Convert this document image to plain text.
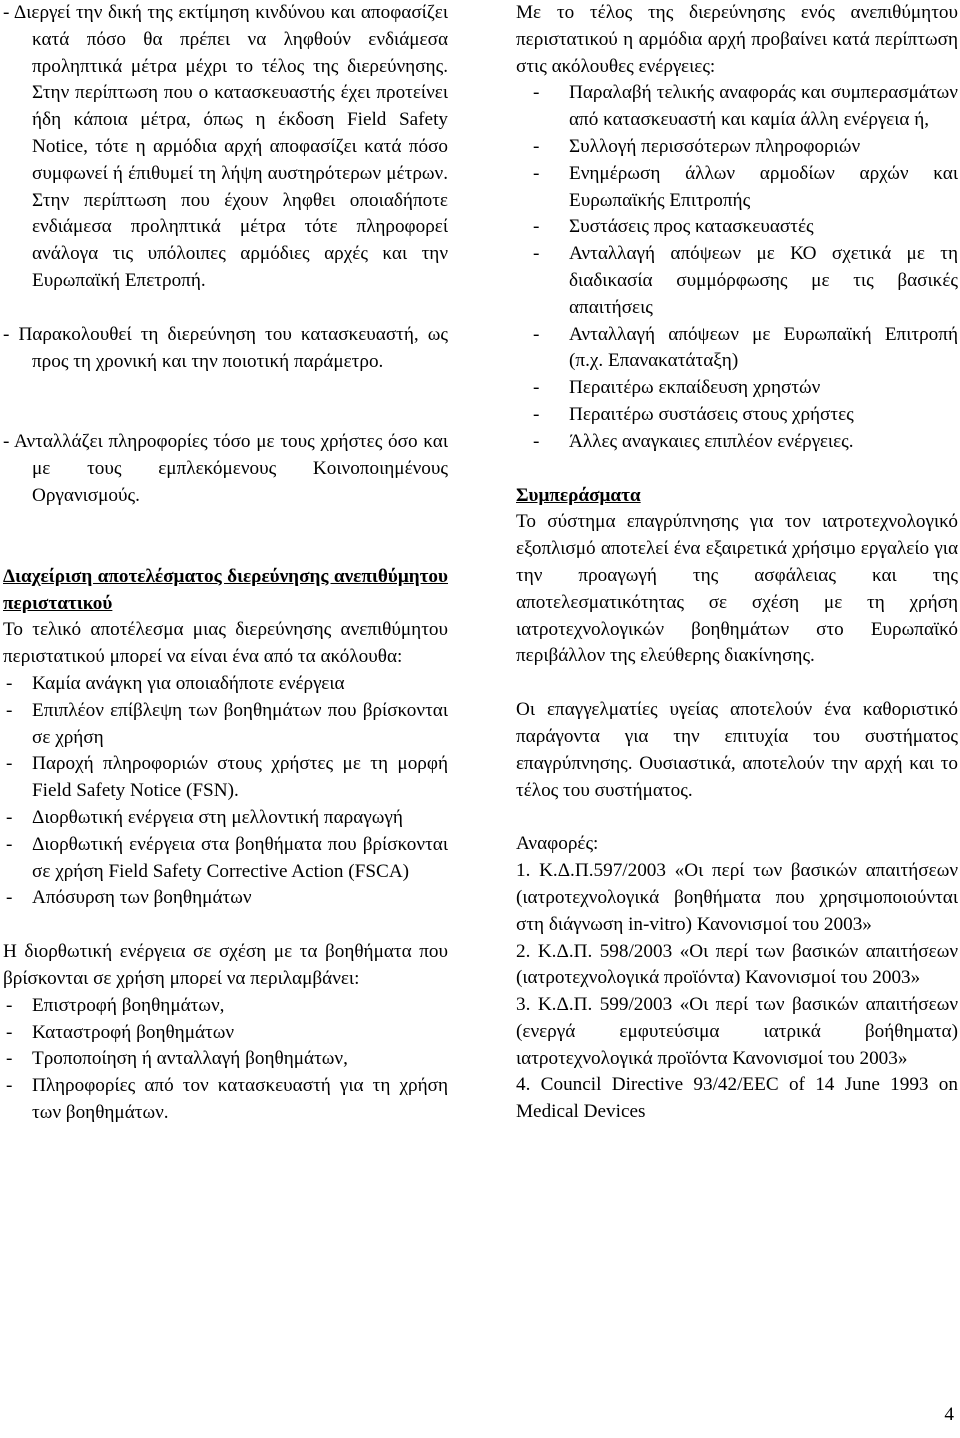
- Διεργεί την δική της εκτίμηση κινδύνου και αποφασίζει κατά πόσο θα πρέπει να ληφθούν ενδιάμεσα προληπτικά μέτρα μέχρι το τέλος της διερεύνησης. Στην περίπτωση που ο κατασκευαστής έχει προτείνει ήδη κάποια μέτρα, όπως η έκδοση Field Safety Notice, τότε η αρμόδια αρχή αποφασίζει κατά πόσο συμφωνεί ή έπιθυμεί τη λήψη αυστηρότερων μέτρων. Στην περίπτωση που έχουν ληφθει οποιαδήποτε ενδιάμεσα προληπτικά μέτρα τότε πληροφορεί ανάλογα τις υπόλοιπες αρμόδιες αρχές και την Ευρωπαϊκή Επετροπή.

- Παρακολουθεί τη διερεύνηση του κατασκευαστή, ως προς τη χρονική και την ποιοτική παράμετρο.

- Ανταλλάζει πληροφορίες τόσο με τους χρήστες όσο και με τους εμπλεκόμενους Κοινοποιημένους Οργανισμούς.

Διαχείριση αποτελέσματος διερεύνησης ανεπιθύμητου περιστατικού

Το τελικό αποτέλεσμα μιας διερεύνησης ανεπιθύμητου περιστατικού μπορεί να είναι ένα από τα ακόλουθα:

- Καμία ανάγκη για οποιαδήποτε ενέργεια
- Επιπλέον επίβλεψη των βοηθημάτων που βρίσκονται σε χρήση
- Παροχή πληροφοριών στους χρήστες με τη μορφή Field Safety Notice (FSN).
- Διορθωτική ενέργεια στη μελλοντική παραγωγή
- Διορθωτική ενέργεια στα βοηθήματα που βρίσκονται σε χρήση Field Safety Corrective Action (FSCA)
- Απόσυρση των βοηθημάτων

Η διορθωτική ενέργεια σε σχέση με τα βοηθήματα που βρίσκονται σε χρήση μπορεί να περιλαμβάνει:

- Επιστροφή βοηθημάτων,
- Καταστροφή βοηθημάτων
- Τροποποίηση ή ανταλλαγή βοηθημάτων,
- Πληροφορίες από τον κατασκευαστή για τη χρήση των βοηθημάτων.

Με το τέλος της διερεύνησης ενός ανεπιθύμητου περιστατικού η αρμόδια αρχή προβαίνει κατά περίπτωση στις ακόλουθες ενέργειες:

- Παραλαβή τελικής αναφοράς και συμπερασμάτων από κατασκευαστή και καμία άλλη ενέργεια ή,
- Συλλογή περισσότερων πληροφοριών
- Ενημέρωση άλλων αρμοδίων αρχών και Ευρωπαϊκής Επιτροπής
- Συστάσεις προς κατασκευαστές
- Ανταλλαγή απόψεων με ΚΟ σχετικά με τη διαδικασία συμμόρφωσης με τις βασικές απαιτήσεις
- Ανταλλαγή απόψεων με Ευρωπαϊκή Επιτροπή (π.χ. Επανακατάταξη)
- Περαιτέρω εκπαίδευση χρηστών
- Περαιτέρω συστάσεις στους χρήστες
- Άλλες αναγκαιες επιπλέον ενέργειες.

Συμπεράσματα

Το σύστημα επαγρύπνησης για τον ιατροτεχνολογικό εξοπλισμό αποτελεί ένα εξαιρετικά χρήσιμο εργαλείο για την προαγωγή της ασφάλειας και της αποτελεσματικότητας σε σχέση με τη χρήση ιατροτεχνολογικών βοηθημάτων στο Ευρωπαϊκό περιβάλλον της ελεύθερης διακίνησης.

Οι επαγγελματίες υγείας αποτελούν ένα καθοριστικό παράγοντα για την επιτυχία του συστήματος επαγρύπνησης. Ουσιαστικά, αποτελούν την αρχή και το τέλος του συστήματος.

Αναφορές:

1. Κ.Δ.Π.597/2003 «Οι περί των βασικών απαιτήσεων (ιατροτεχνολογικά βοηθήματα που χρησιμοποιούνται στη διάγνωση in-vitro) Κανονισμοί του 2003»

2. Κ.Δ.Π. 598/2003 «Οι περί των βασικών απαιτήσεων (ιατροτεχνολογικά προϊόντα) Κανονισμοί του 2003»

3. Κ.Δ.Π. 599/2003 «Οι περί των βασικών απαιτήσεων (ενεργά εμφυτεύσιμα ιατρικά βοήθηματα) ιατροτεχνολογικά προϊόντα Κανονισμοί του 2003»

4. Council Directive 93/42/EEC of 14 June 1993 on Medical Devices

4
